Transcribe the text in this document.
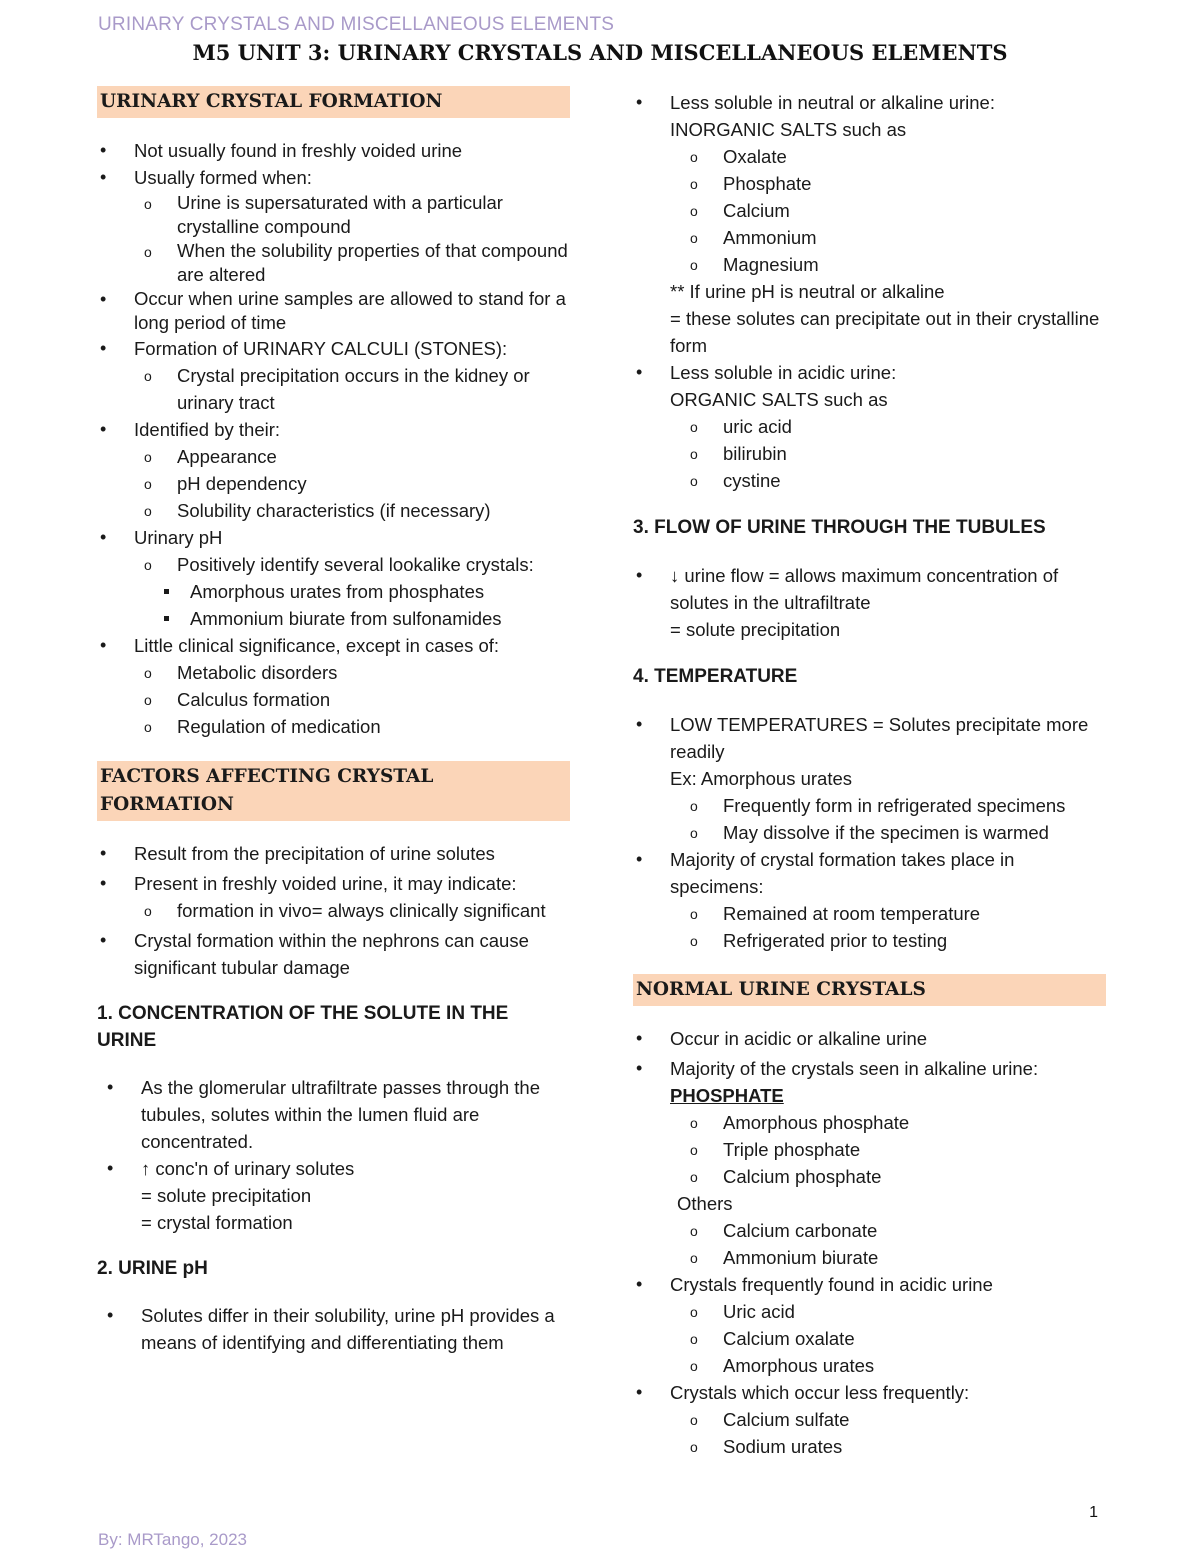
URINARY CRYSTALS AND MISCELLANEOUS ELEMENTS
M5 UNIT 3: URINARY CRYSTALS AND MISCELLANEOUS ELEMENTS
URINARY CRYSTAL FORMATION
• Not usually found in freshly voided urine
• Usually formed when:
o Urine is supersaturated with a particular crystalline compound
o When the solubility properties of that compound are altered
• Occur when urine samples are allowed to stand for a long period of time
• Formation of URINARY CALCULI (STONES):
o Crystal precipitation occurs in the kidney or urinary tract
• Identified by their:
o Appearance
o pH dependency
o Solubility characteristics (if necessary)
• Urinary pH
o Positively identify several lookalike crystals:
Amorphous urates from phosphates
Ammonium biurate from sulfonamides
• Little clinical significance, except in cases of:
o Metabolic disorders
o Calculus formation
o Regulation of medication
FACTORS AFFECTING CRYSTAL FORMATION
• Result from the precipitation of urine solutes
• Present in freshly voided urine, it may indicate:
o formation in vivo= always clinically significant
• Crystal formation within the nephrons can cause significant tubular damage
1. CONCENTRATION OF THE SOLUTE IN THE URINE
• As the glomerular ultrafiltrate passes through the tubules, solutes within the lumen fluid are concentrated.
• ↑ conc'n of urinary solutes
= solute precipitation
= crystal formation
2. URINE pH
• Solutes differ in their solubility, urine pH provides a means of identifying and differentiating them
• Less soluble in neutral or alkaline urine:
INORGANIC SALTS such as
o Oxalate
o Phosphate
o Calcium
o Ammonium
o Magnesium
** If urine pH is neutral or alkaline
= these solutes can precipitate out in their crystalline form
• Less soluble in acidic urine:
ORGANIC SALTS such as
o uric acid
o bilirubin
o cystine
3. FLOW OF URINE THROUGH THE TUBULES
• ↓ urine flow = allows maximum concentration of solutes in the ultrafiltrate
= solute precipitation
4. TEMPERATURE
• LOW TEMPERATURES = Solutes precipitate more readily
Ex: Amorphous urates
o Frequently form in refrigerated specimens
o May dissolve if the specimen is warmed
• Majority of crystal formation takes place in specimens:
o Remained at room temperature
o Refrigerated prior to testing
NORMAL URINE CRYSTALS
• Occur in acidic or alkaline urine
• Majority of the crystals seen in alkaline urine:
PHOSPHATE
o Amorphous phosphate
o Triple phosphate
o Calcium phosphate
Others
o Calcium carbonate
o Ammonium biurate
• Crystals frequently found in acidic urine
o Uric acid
o Calcium oxalate
o Amorphous urates
• Crystals which occur less frequently:
o Calcium sulfate
o Sodium urates
1
By: MRTango, 2023
